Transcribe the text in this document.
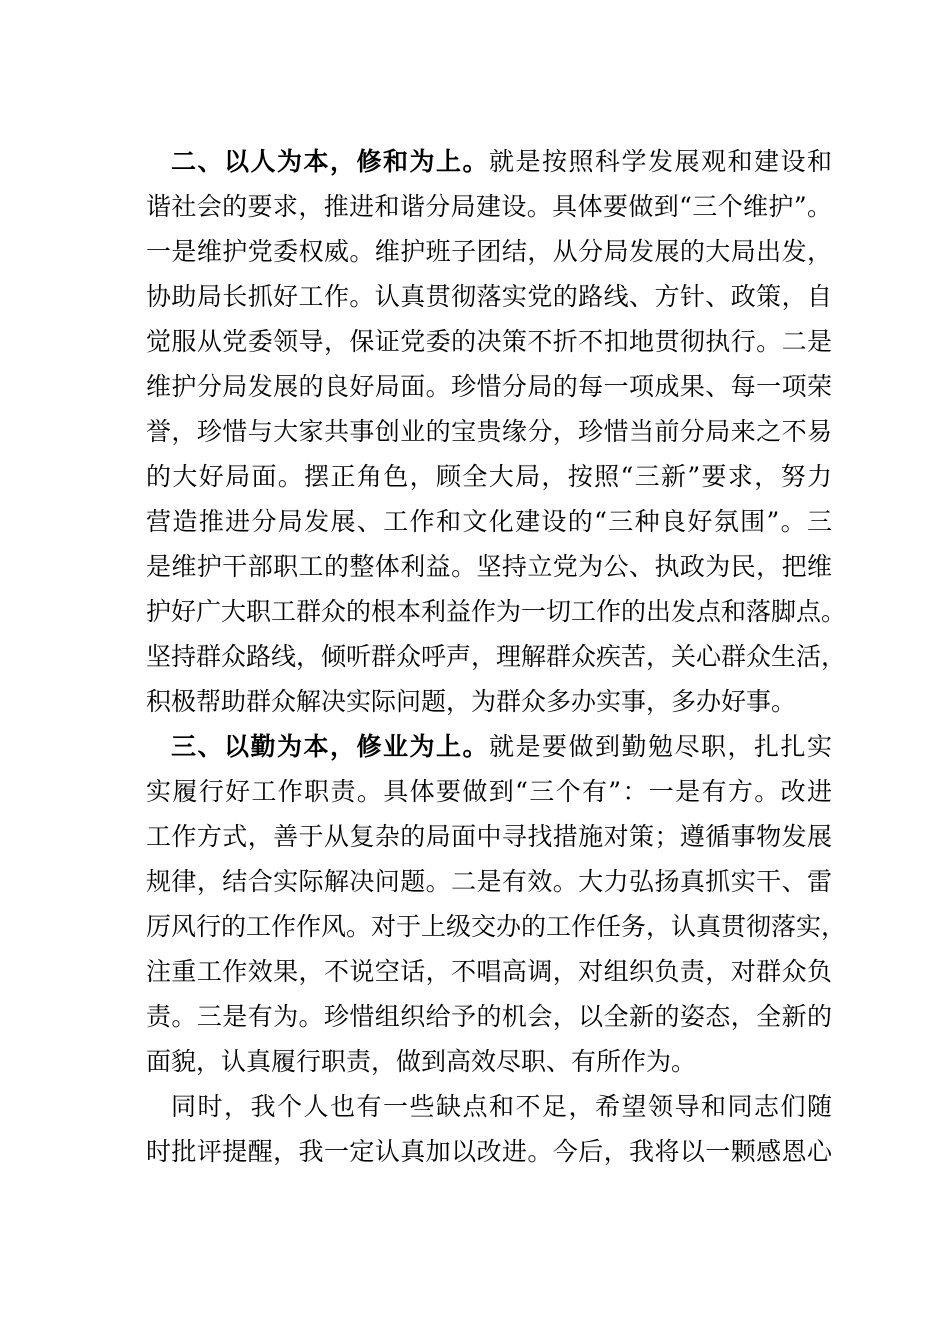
二、以人为本，修和为上。就是按照科学发展观和建设和
谐社会的要求，推进和谐分局建设。具体要做到“三个维护”。
一是维护党委权威。维护班子团结，从分局发展的大局出发，
协助局长抓好工作。认真贯彻落实党的路线、方针、政策，自
觉服从党委领导，保证党委的决策不折不扣地贯彻执行。二是
维护分局发展的良好局面。珍惜分局的每一项成果、每一项荣
誉，珍惜与大家共事创业的宝贵缘分，珍惜当前分局来之不易
的大好局面。摆正角色，顾全大局，按照“三新”要求，努力
营造推进分局发展、工作和文化建设的“三种良好氛围”。三
是维护干部职工的整体利益。坚持立党为公、执政为民，把维
护好广大职工群众的根本利益作为一切工作的出发点和落脚点。
坚持群众路线，倾听群众呼声，理解群众疾苦，关心群众生活，
积极帮助群众解决实际问题，为群众多办实事，多办好事。
三、以勤为本，修业为上。就是要做到勤勉尽职，扎扎实
实履行好工作职责。具体要做到“三个有”：一是有方。改进
工作方式，善于从复杂的局面中寻找措施对策；遵循事物发展
规律，结合实际解决问题。二是有效。大力弘扬真抓实干、雷
厉风行的工作作风。对于上级交办的工作任务，认真贯彻落实，
注重工作效果，不说空话，不唱高调，对组织负责，对群众负
责。三是有为。珍惜组织给予的机会，以全新的姿态，全新的
面貌，认真履行职责，做到高效尽职、有所作为。
同时，我个人也有一些缺点和不足，希望领导和同志们随
时批评提醒，我一定认真加以改进。今后，我将以一颗感恩心
